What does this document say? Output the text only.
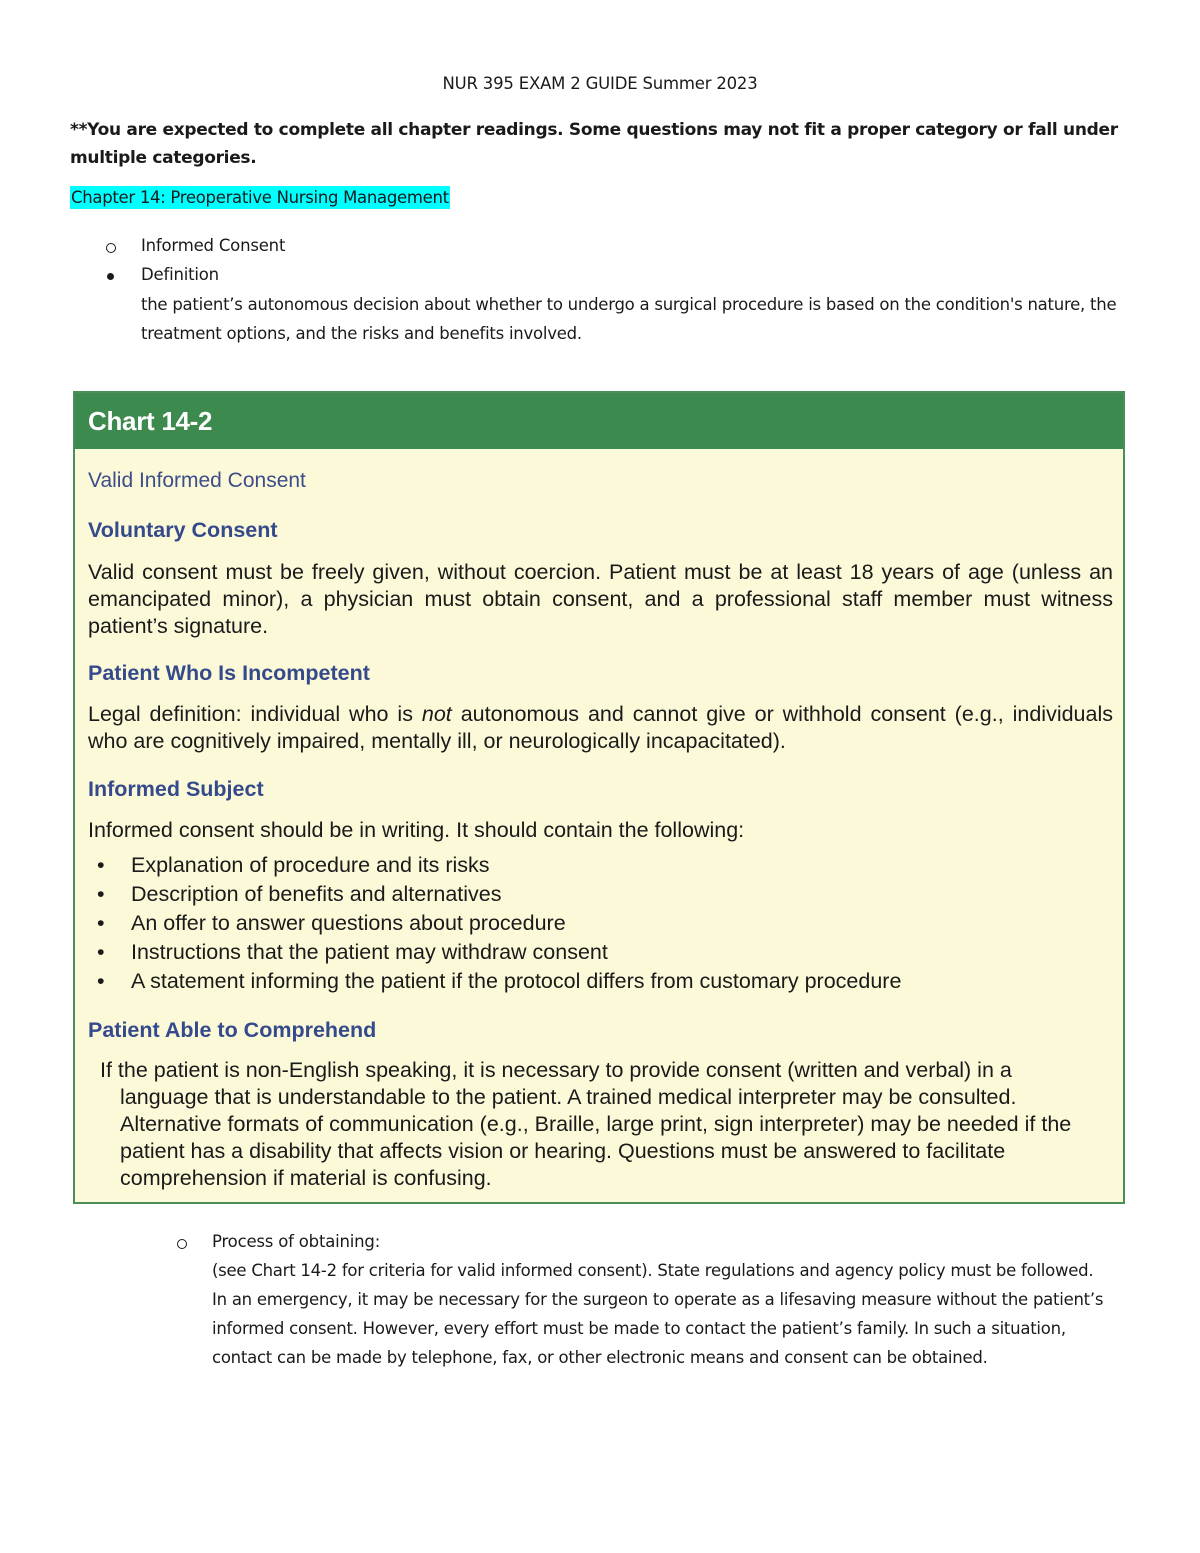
NUR 395 EXAM 2 GUIDE Summer 2023
**You are expected to complete all chapter readings. Some questions may not fit a proper category or fall under multiple categories.
Chapter 14: Preoperative Nursing Management
Informed Consent
Definition
the patient’s autonomous decision about whether to undergo a surgical procedure is based on the condition's nature, the treatment options, and the risks and benefits involved.
Chart 14-2
Valid Informed Consent
Voluntary Consent
Valid consent must be freely given, without coercion. Patient must be at least 18 years of age (unless an emancipated minor), a physician must obtain consent, and a professional staff member must witness patient’s signature.
Patient Who Is Incompetent
Legal definition: individual who is not autonomous and cannot give or withhold consent (e.g., individuals who are cognitively impaired, mentally ill, or neurologically incapacitated).
Informed Subject
Informed consent should be in writing. It should contain the following:
• Explanation of procedure and its risks
• Description of benefits and alternatives
• An offer to answer questions about procedure
• Instructions that the patient may withdraw consent
• A statement informing the patient if the protocol differs from customary procedure
Patient Able to Comprehend
If the patient is non-English speaking, it is necessary to provide consent (written and verbal) in a
language that is understandable to the patient. A trained medical interpreter may be consulted. Alternative formats of communication (e.g., Braille, large print, sign interpreter) may be needed if the patient has a disability that affects vision or hearing. Questions must be answered to facilitate comprehension if material is confusing.
Process of obtaining:
(see Chart 14-2 for criteria for valid informed consent). State regulations and agency policy must be followed. In an emergency, it may be necessary for the surgeon to operate as a lifesaving measure without the patient’s informed consent. However, every effort must be made to contact the patient’s family. In such a situation, contact can be made by telephone, fax, or other electronic means and consent can be obtained.
